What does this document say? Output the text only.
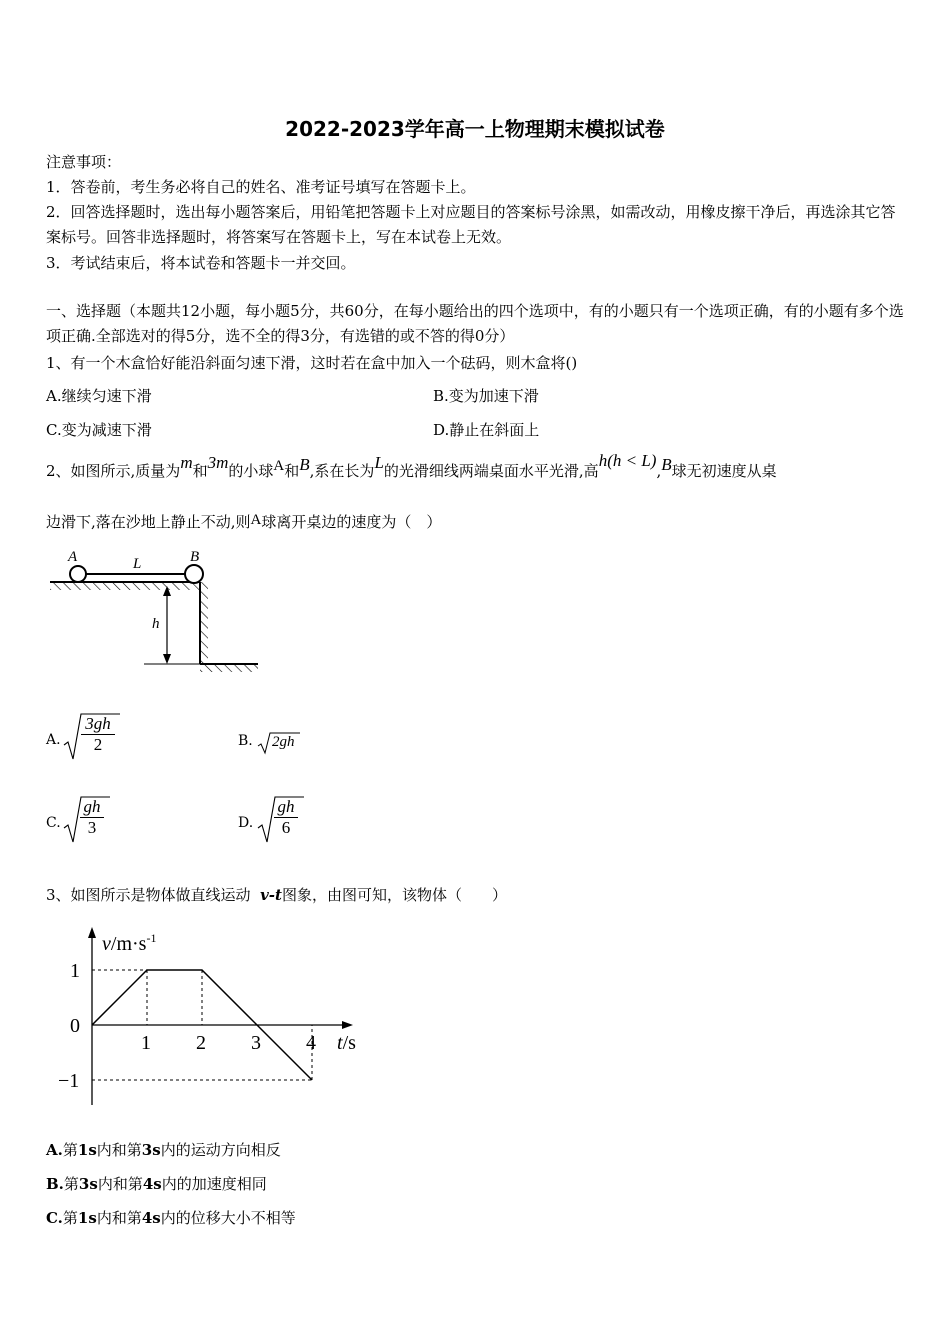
2022-2023学年高一上物理期末模拟试卷
注意事项：
1．答卷前，考生务必将自己的姓名、准考证号填写在答题卡上。
2．回答选择题时，选出每小题答案后，用铅笔把答题卡上对应题目的答案标号涂黑，如需改动，用橡皮擦干净后，再选涂其它答案标号。回答非选择题时，将答案写在答题卡上，写在本试卷上无效。
3．考试结束后，将本试卷和答题卡一并交回。
一、选择题（本题共12小题，每小题5分，共60分，在每小题给出的四个选项中，有的小题只有一个选项正确，有的小题有多个选项正确.全部选对的得5分，选不全的得3分，有选错的或不答的得0分）
1、有一个木盒恰好能沿斜面匀速下滑，这时若在盒中加入一个砝码，则木盒将()
A.继续匀速下滑	B.变为加速下滑
C.变为减速下滑	D.静止在斜面上
2、如图所示,质量为m和3m的小球A和B,系在长为L的光滑细线两端桌面水平光滑,高h(h < L),B球无初速度从桌
边滑下,落在沙地上静止不动,则A球离开桌边的速度为（　）
A	L	B
h
A. $\frac{3gh}{2}$	B. 2gh
C. $\frac{gh}{3}$	D. $\frac{gh}{6}$
3、如图所示是物体做直线运动 v-t图象，由图可知，该物体（　　）
1 2 3 4
1
0
−1
$v/m\cdot s^{-1}$
t/s
A.第1s内和第3s内的运动方向相反
B.第3s内和第4s内的加速度相同
C.第1s内和第4s内的位移大小不相等
